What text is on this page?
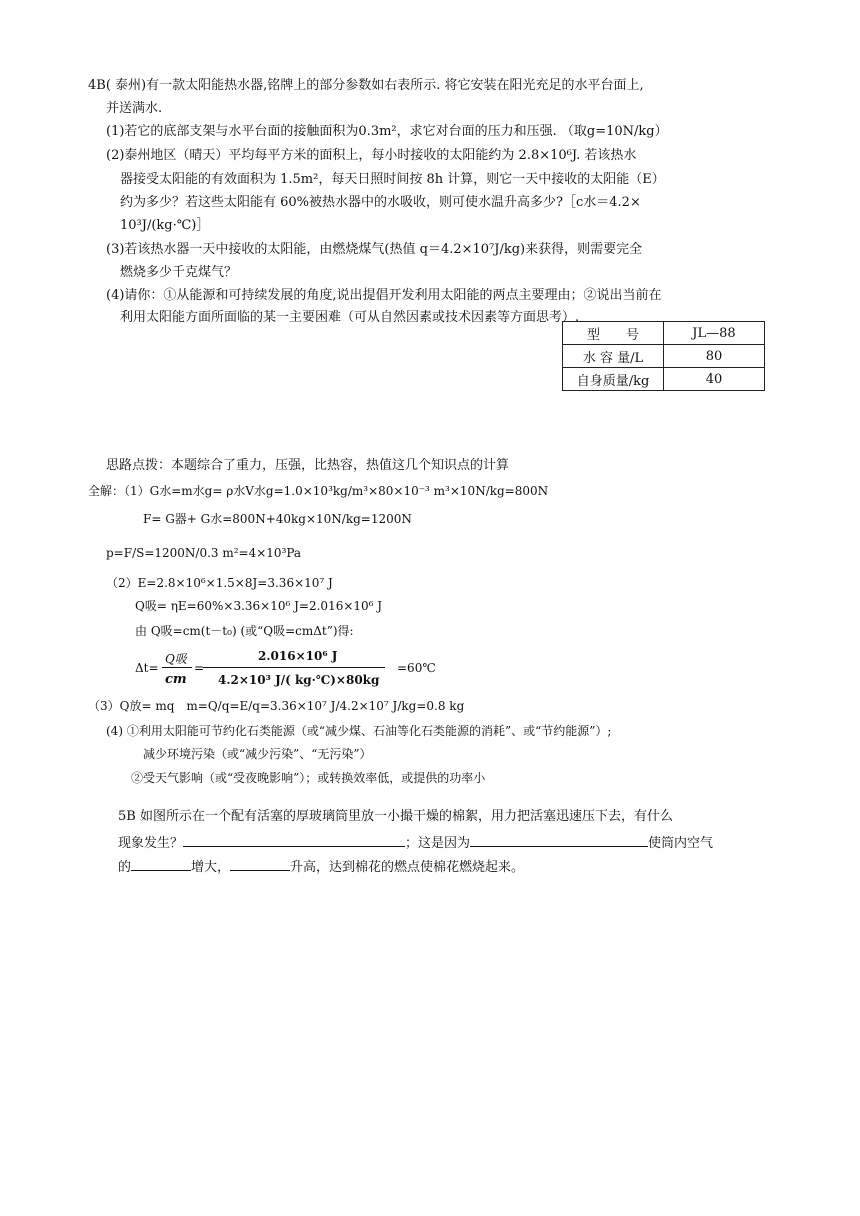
4B( 泰州)有一款太阳能热水器,铭牌上的部分参数如右表所示. 将它安装在阳光充足的水平台面上,
并送满水.
(1)若它的底部支架与水平台面的接触面积为0.3m²，求它对台面的压力和压强. （取g=10N/kg）
(2)泰州地区（晴天）平均每平方米的面积上，每小时接收的太阳能约为 2.8×10⁶J. 若该热水
器接受太阳能的有效面积为 1.5m²，每天日照时间按 8h 计算，则它一天中接收的太阳能（E）
约为多少？若这些太阳能有 60%被热水器中的水吸收，则可使水温升高多少?［c水＝4.2×
10³J/(kg·℃)］
(3)若该热水器一天中接收的太阳能，由燃烧煤气(热值 q＝4.2×10⁷J/kg)来获得，则需要完全
燃烧多少千克煤气？
(4)请你：①从能源和可持续发展的角度,说出提倡开发利用太阳能的两点主要理由；②说出当前在
利用太阳能方面所面临的某一主要困难（可从自然因素或技术因素等方面思考）.
型　　号	JL—88
水 容 量/L	80
自身质量/kg	40
思路点拨：本题综合了重力，压强，比热容，热值这几个知识点的计算
全解：（1）G水=m水g= ρ水V水g=1.0×10³kg/m³×80×10⁻³ m³×10N/kg=800N
F= G器+ G水=800N+40kg×10N/kg=1200N
p=F/S=1200N/0.3 m²=4×10³Pa
（2）E=2.8×10⁶×1.5×8J=3.36×10⁷ J
Q吸= ηE=60%×3.36×10⁶ J=2.016×10⁶ J
由 Q吸=cm(t－t₀) (或“Q吸=cmΔt”)得:
Δt=
Q吸
cm
=
2.016×10⁶ J
4.2×10³ J/( kg·℃)×80kg
=60℃
（3）Q放= mq　m=Q/q=E/q=3.36×10⁷ J/4.2×10⁷ J/kg=0.8 kg
(4) ①利用太阳能可节约化石类能源（或“减少煤、石油等化石类能源的消耗”、或“节约能源”）;
减少环境污染（或“减少污染”、“无污染”）
②受天气影响（或“受夜晚影响”）；或转换效率低，或提供的功率小
5B 如图所示在一个配有活塞的厚玻璃筒里放一小撮干燥的棉絮，用力把活塞迅速压下去，有什么
现象发生？	；这是因为	使筒内空气
的	增大，	升高，达到棉花的燃点使棉花燃烧起来。
